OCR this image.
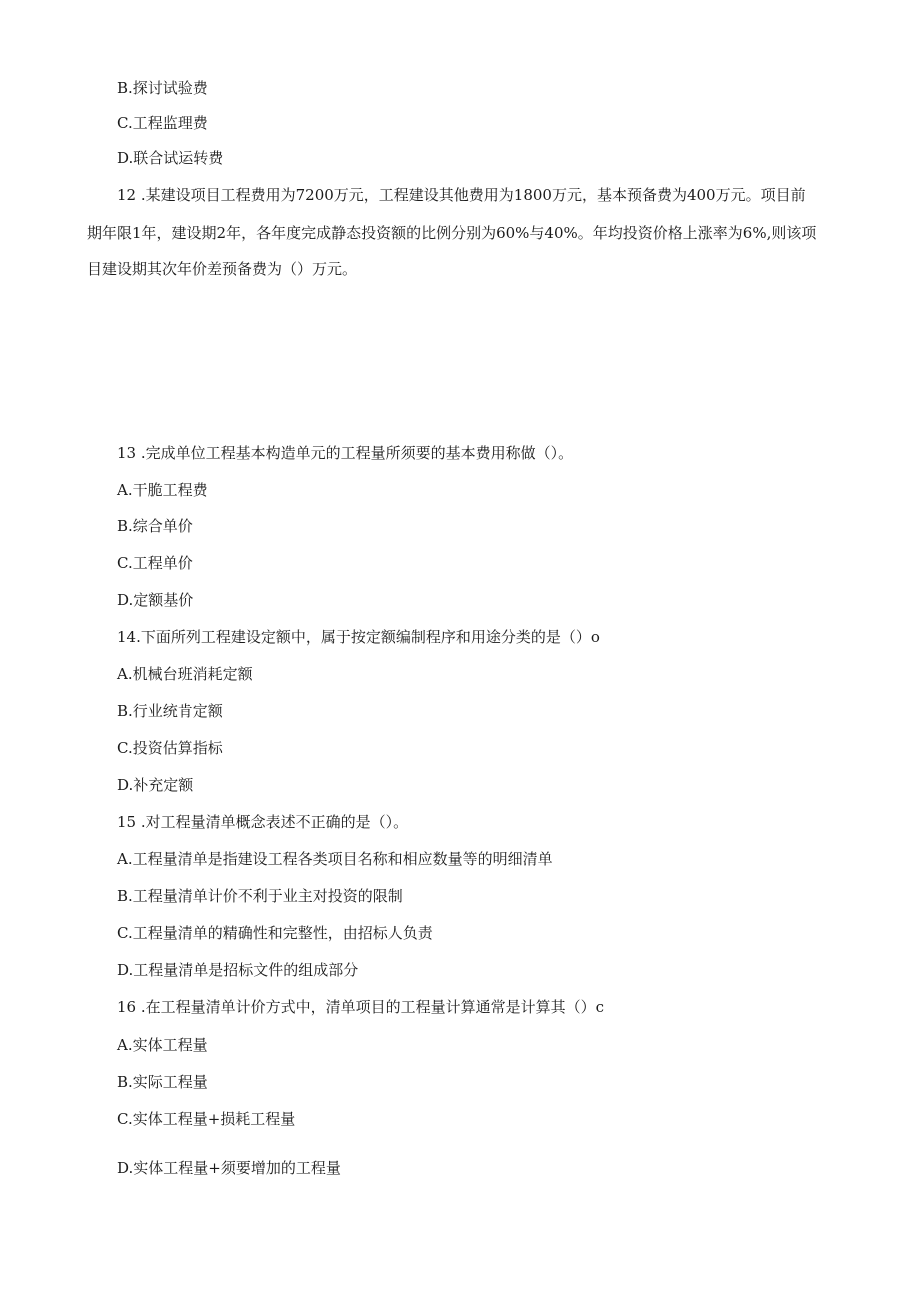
B.探讨试验费
C.工程监理费
D.联合试运转费
12 .某建设项目工程费用为7200万元，工程建设其他费用为1800万元，基本预备费为400万元。项目前
期年限1年，建设期2年，各年度完成静态投资额的比例分别为60%与40%。年均投资价格上涨率为6%,则该项
目建设期其次年价差预备费为（）万元。
13 .完成单位工程基本构造单元的工程量所须要的基本费用称做（）。
A.干脆工程费
B.综合单价
C.工程单价
D.定额基价
14.下面所列工程建设定额中，属于按定额编制程序和用途分类的是（）o
A.机械台班消耗定额
B.行业统肯定额
C.投资估算指标
D.补充定额
15 .对工程量清单概念表述不正确的是（）。
A.工程量清单是指建设工程各类项目名称和相应数量等的明细清单
B.工程量清单计价不利于业主对投资的限制
C.工程量清单的精确性和完整性，由招标人负责
D.工程量清单是招标文件的组成部分
16 .在工程量清单计价方式中，清单项目的工程量计算通常是计算其（）c
A.实体工程量
B.实际工程量
C.实体工程量+损耗工程量
D.实体工程量+须要增加的工程量
